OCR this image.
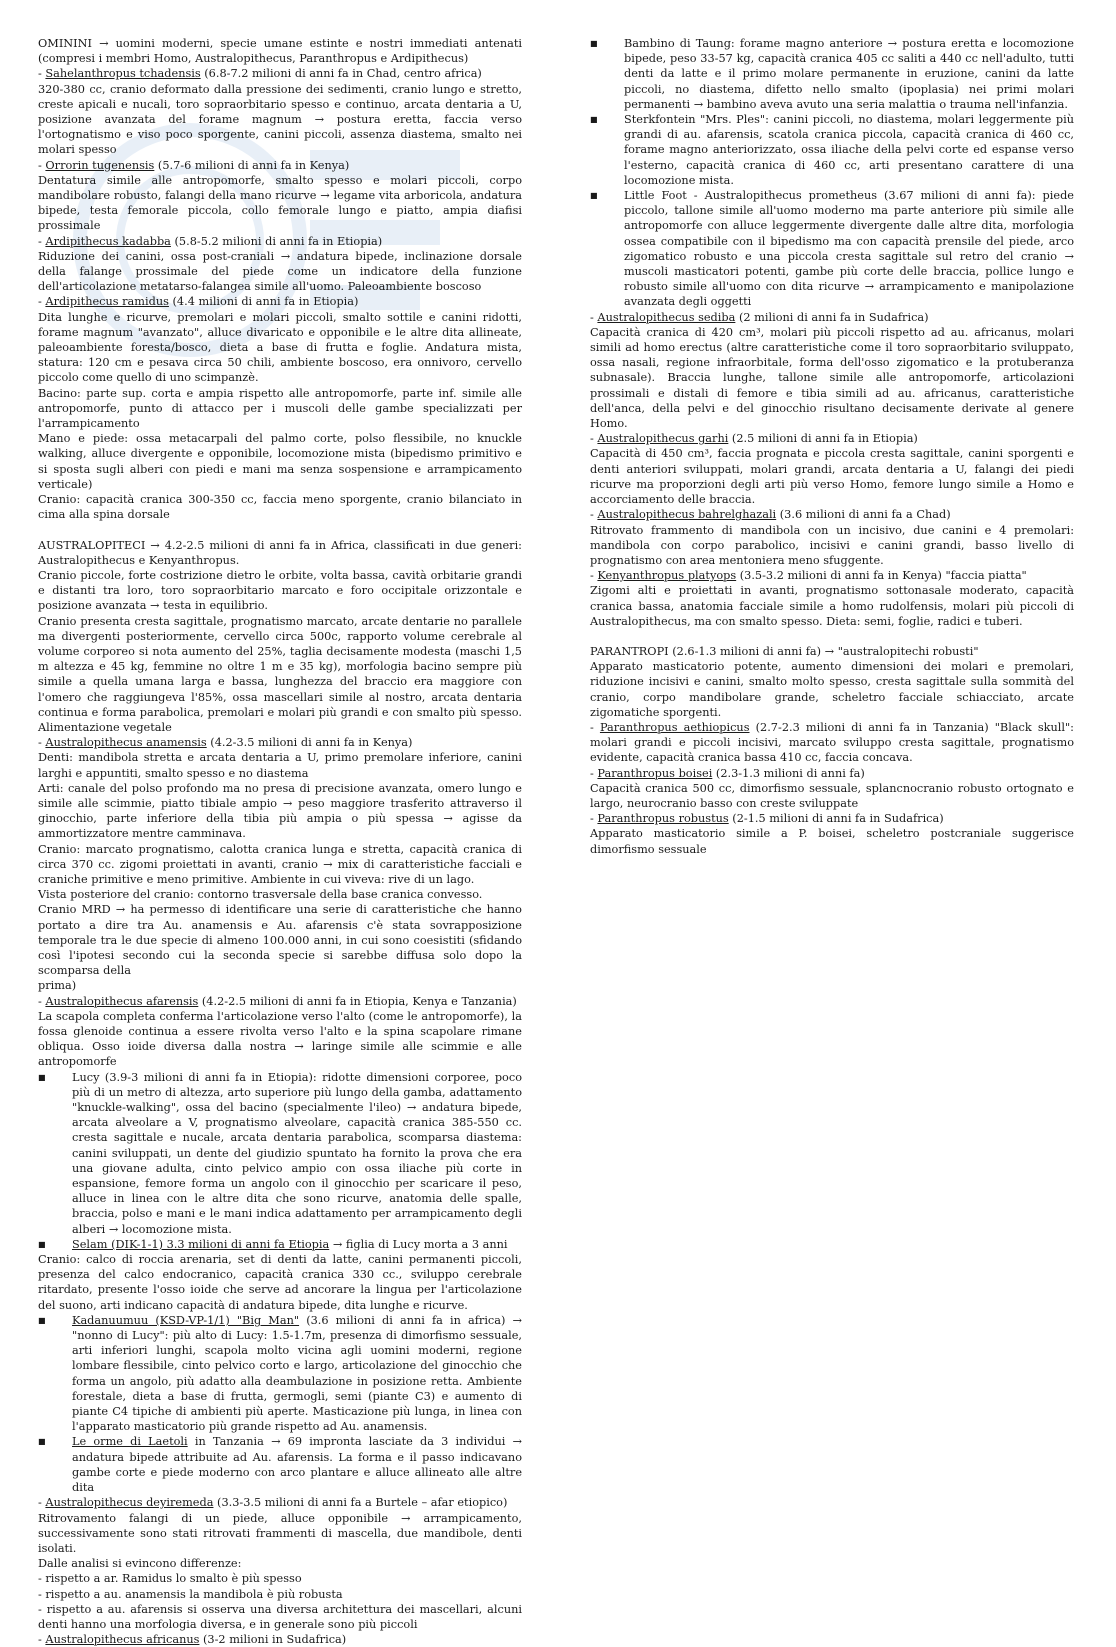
OMININI → uomini moderni, specie umane estinte e nostri immediati antenati (compresi i membri Homo, Australopithecus, Paranthropus e Ardipithecus)

- Sahelanthropus tchadensis (6.8-7.2 milioni di anni fa in Chad, centro africa)

320-380 cc, cranio deformato dalla pressione dei sedimenti, cranio lungo e stretto, creste apicali e nucali, toro sopraorbitario spesso e continuo, arcata dentaria a U, posizione avanzata del forame magnum → postura eretta, faccia verso l'ortognatismo e viso poco sporgente, canini piccoli, assenza diastema, smalto nei molari spesso

- Orrorin tugenensis (5.7-6 milioni di anni fa in Kenya)

Dentatura simile alle antropomorfe, smalto spesso e molari piccoli, corpo mandibolare robusto, falangi della mano ricurve → legame vita arboricola, andatura bipede, testa femorale piccola, collo femorale lungo e piatto, ampia diafisi prossimale

- Ardipithecus kadabba (5.8-5.2 milioni di anni fa in Etiopia)

Riduzione dei canini, ossa post-craniali → andatura bipede, inclinazione dorsale della falange prossimale del piede come un indicatore della funzione dell'articolazione metatarso-falangea simile all'uomo. Paleoambiente boscoso

- Ardipithecus ramidus (4.4 milioni di anni fa in Etiopia)

Dita lunghe e ricurve, premolari e molari piccoli, smalto sottile e canini ridotti, forame magnum "avanzato", alluce divaricato e opponibile e le altre dita allineate, paleoambiente foresta/bosco, dieta a base di frutta e foglie. Andatura mista, statura: 120 cm e pesava circa 50 chili, ambiente boscoso, era onnivoro, cervello piccolo come quello di uno scimpanzè.

Bacino: parte sup. corta e ampia rispetto alle antropomorfe, parte inf. simile alle antropomorfe, punto di attacco per i muscoli delle gambe specializzati per l'arrampicamento

Mano e piede: ossa metacarpali del palmo corte, polso flessibile, no knuckle walking, alluce divergente e opponibile, locomozione mista (bipedismo primitivo e si sposta sugli alberi con piedi e mani ma senza sospensione e arrampicamento verticale)

Cranio: capacità cranica 300-350 cc, faccia meno sporgente, cranio bilanciato in cima alla spina dorsale

AUSTRALOPITECI → 4.2-2.5 milioni di anni fa in Africa, classificati in due generi: Australopithecus e Kenyanthropus.

Cranio piccole, forte costrizione dietro le orbite, volta bassa, cavità orbitarie grandi e distanti tra loro, toro sopraorbitario marcato e foro occipitale orizzontale e posizione avanzata → testa in equilibrio.

Cranio presenta cresta sagittale, prognatismo marcato, arcate dentarie no parallele ma divergenti posteriormente, cervello circa 500c, rapporto volume cerebrale al volume corporeo si nota aumento del 25%, taglia decisamente modesta (maschi 1,5 m altezza e 45 kg, femmine no oltre 1 m e 35 kg), morfologia bacino sempre più simile a quella umana larga e bassa, lunghezza del braccio era maggiore con l'omero che raggiungeva l'85%, ossa mascellari simile al nostro, arcata dentaria continua e forma parabolica, premolari e molari più grandi e con smalto più spesso. Alimentazione vegetale

- Australopithecus anamensis (4.2-3.5 milioni di anni fa in Kenya)

Denti: mandibola stretta e arcata dentaria a U, primo premolare inferiore, canini larghi e appuntiti, smalto spesso e no diastema

Arti: canale del polso profondo ma no presa di precisione avanzata, omero lungo e simile alle scimmie, piatto tibiale ampio → peso maggiore trasferito attraverso il ginocchio, parte inferiore della tibia più ampia o più spessa → agisse da ammortizzatore mentre camminava.

Cranio: marcato prognatismo, calotta cranica lunga e stretta, capacità cranica di circa 370 cc. zigomi proiettati in avanti, cranio → mix di caratteristiche facciali e craniche primitive e meno primitive. Ambiente in cui viveva: rive di un lago.

Vista posteriore del cranio: contorno trasversale della base cranica convesso.

Cranio MRD → ha permesso di identificare una serie di caratteristiche che hanno portato a dire tra Au. anamensis e Au. afarensis c'è stata sovrapposizione temporale tra le due specie di almeno 100.000 anni, in cui sono coesistiti (sfidando così l'ipotesi secondo cui la seconda specie si sarebbe diffusa solo dopo la scomparsa della

prima)

- Australopithecus afarensis (4.2-2.5 milioni di anni fa in Etiopia, Kenya e Tanzania)

La scapola completa conferma l'articolazione verso l'alto (come le antropomorfe), la fossa glenoide continua a essere rivolta verso l'alto e la spina scapolare rimane obliqua. Osso ioide diversa dalla nostra → laringe simile alle scimmie e alle antropomorfe

■ Lucy (3.9-3 milioni di anni fa in Etiopia): ridotte dimensioni corporee, poco più di un metro di altezza, arto superiore più lungo della gamba, adattamento "knuckle-walking", ossa del bacino (specialmente l'ileo) → andatura bipede, arcata alveolare a V, prognatismo alveolare, capacità cranica 385-550 cc. cresta sagittale e nucale, arcata dentaria parabolica, scomparsa diastema: canini sviluppati, un dente del giudizio spuntato ha fornito la prova che era una giovane adulta, cinto pelvico ampio con ossa iliache più corte in espansione, femore forma un angolo con il ginocchio per scaricare il peso, alluce in linea con le altre dita che sono ricurve, anatomia delle spalle, braccia, polso e mani e le mani indica adattamento per arrampicamento degli alberi → locomozione mista.

■ Selam (DIK-1-1) 3.3 milioni di anni fa Etiopia → figlia di Lucy morta a 3 anni

Cranio: calco di roccia arenaria, set di denti da latte, canini permanenti piccoli, presenza del calco endocranico, capacità cranica 330 cc., sviluppo cerebrale ritardato, presente l'osso ioide che serve ad ancorare la lingua per l'articolazione del suono, arti indicano capacità di andatura bipede, dita lunghe e ricurve.

■ Kadanuumuu (KSD-VP-1/1) "Big Man" (3.6 milioni di anni fa in africa) → "nonno di Lucy": più alto di Lucy: 1.5-1.7m, presenza di dimorfismo sessuale, arti inferiori lunghi, scapola molto vicina agli uomini moderni, regione lombare flessibile, cinto pelvico corto e largo, articolazione del ginocchio che forma un angolo, più adatto alla deambulazione in posizione retta. Ambiente forestale, dieta a base di frutta, germogli, semi (piante C3) e aumento di piante C4 tipiche di ambienti più aperte. Masticazione più lunga, in linea con l'apparato masticatorio più grande rispetto ad Au. anamensis.

■ Le orme di Laetoli in Tanzania → 69 impronta lasciate da 3 individui → andatura bipede attribuite ad Au. afarensis. La forma e il passo indicavano gambe corte e piede moderno con arco plantare e alluce allineato alle altre dita

- Australopithecus deyiremeda (3.3-3.5 milioni di anni fa a Burtele – afar etiopico)

Ritrovamento falangi di un piede, alluce opponibile → arrampicamento, successivamente sono stati ritrovati frammenti di mascella, due mandibole, denti isolati.

Dalle analisi si evincono differenze:

- rispetto a ar. Ramidus lo smalto è più spesso

- rispetto a au. anamensis la mandibola è più robusta

- rispetto a au. afarensis si osserva una diversa architettura dei mascellari, alcuni denti hanno una morfologia diversa, e in generale sono più piccoli

- Australopithecus africanus (3-2 milioni in Sudafrica)

■ Bambino di Taung: forame magno anteriore → postura eretta e locomozione bipede, peso 33-57 kg, capacità cranica 405 cc saliti a 440 cc nell'adulto, tutti denti da latte e il primo molare permanente in eruzione, canini da latte piccoli, no diastema, difetto nello smalto (ipoplasia) nei primi molari permanenti → bambino aveva avuto una seria malattia o trauma nell'infanzia.

■ Sterkfontein "Mrs. Ples": canini piccoli, no diastema, molari leggermente più grandi di au. afarensis, scatola cranica piccola, capacità cranica di 460 cc, forame magno anteriorizzato, ossa iliache della pelvi corte ed espanse verso l'esterno, capacità cranica di 460 cc, arti presentano carattere di una locomozione mista.

■ Little Foot - Australopithecus prometheus (3.67 milioni di anni fa): piede piccolo, tallone simile all'uomo moderno ma parte anteriore più simile alle antropomorfe con alluce leggermente divergente dalle altre dita, morfologia ossea compatibile con il bipedismo ma con capacità prensile del piede, arco zigomatico robusto e una piccola cresta sagittale sul retro del cranio → muscoli masticatori potenti, gambe più corte delle braccia, pollice lungo e robusto simile all'uomo con dita ricurve → arrampicamento e manipolazione avanzata degli oggetti

- Australopithecus sediba (2 milioni di anni fa in Sudafrica)

Capacità cranica di 420 cm³, molari più piccoli rispetto ad au. africanus, molari simili ad homo erectus (altre caratteristiche come il toro sopraorbitario sviluppato, ossa nasali, regione infraorbitale, forma dell'osso zigomatico e la protuberanza subnasale). Braccia lunghe, tallone simile alle antropomorfe, articolazioni prossimali e distali di femore e tibia simili ad au. africanus, caratteristiche dell'anca, della pelvi e del ginocchio risultano decisamente derivate al genere Homo.

- Australopithecus garhi (2.5 milioni di anni fa in Etiopia)

Capacità di 450 cm³, faccia prognata e piccola cresta sagittale, canini sporgenti e denti anteriori sviluppati, molari grandi, arcata dentaria a U, falangi dei piedi ricurve ma proporzioni degli arti più verso Homo, femore lungo simile a Homo e accorciamento delle braccia.

- Australopithecus bahrelghazali (3.6 milioni di anni fa a Chad)

Ritrovato frammento di mandibola con un incisivo, due canini e 4 premolari: mandibola con corpo parabolico, incisivi e canini grandi, basso livello di prognatismo con area mentoniera meno sfuggente.

- Kenyanthropus platyops (3.5-3.2 milioni di anni fa in Kenya) "faccia piatta"

Zigomi alti e proiettati in avanti, prognatismo sottonasale moderato, capacità cranica bassa, anatomia facciale simile a homo rudolfensis, molari più piccoli di Australopithecus, ma con smalto spesso. Dieta: semi, foglie, radici e tuberi.

PARANTROPI (2.6-1.3 milioni di anni fa) → "australopitechi robusti"

Apparato masticatorio potente, aumento dimensioni dei molari e premolari, riduzione incisivi e canini, smalto molto spesso, cresta sagittale sulla sommità del cranio, corpo mandibolare grande, scheletro facciale schiacciato, arcate zigomatiche sporgenti.

- Paranthropus aethiopicus (2.7-2.3 milioni di anni fa in Tanzania) "Black skull": molari grandi e piccoli incisivi, marcato sviluppo cresta sagittale, prognatismo evidente, capacità cranica bassa 410 cc, faccia concava.

- Paranthropus boisei (2.3-1.3 milioni di anni fa)

Capacità cranica 500 cc, dimorfismo sessuale, splancnocranio robusto ortognato e largo, neurocranio basso con creste sviluppate

- Paranthropus robustus (2-1.5 milioni di anni fa in Sudafrica)

Apparato masticatorio simile a P. boisei, scheletro postcraniale suggerisce dimorfismo sessuale
